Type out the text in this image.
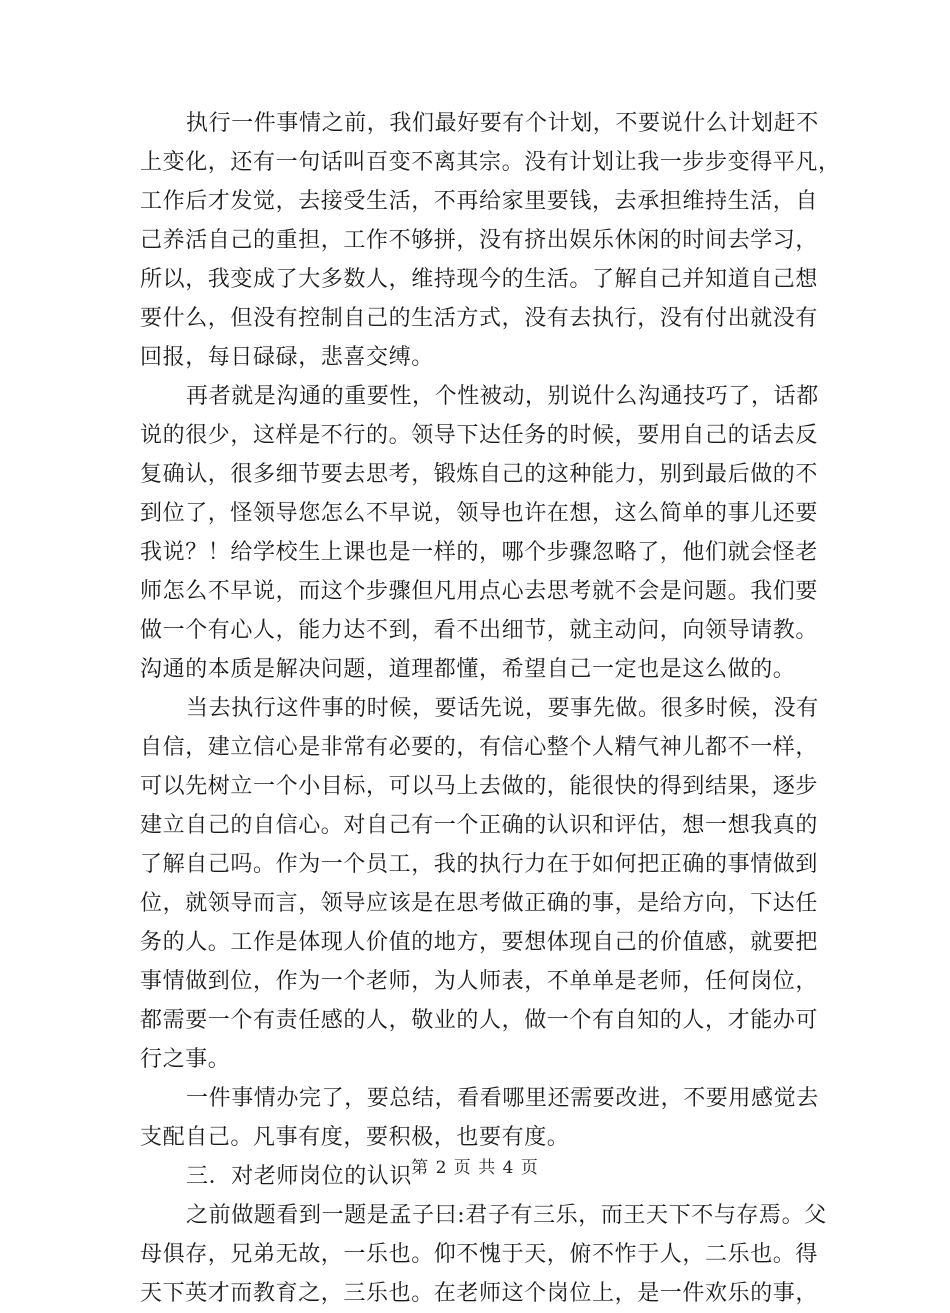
执行一件事情之前，我们最好要有个计划，不要说什么计划赶不
上变化，还有一句话叫百变不离其宗。没有计划让我一步步变得平凡，
工作后才发觉，去接受生活，不再给家里要钱，去承担维持生活，自
己养活自己的重担，工作不够拼，没有挤出娱乐休闲的时间去学习，
所以，我变成了大多数人，维持现今的生活。了解自己并知道自己想
要什么，但没有控制自己的生活方式，没有去执行，没有付出就没有
回报，每日碌碌，悲喜交缚。
再者就是沟通的重要性，个性被动，别说什么沟通技巧了，话都
说的很少，这样是不行的。领导下达任务的时候，要用自己的话去反
复确认，很多细节要去思考，锻炼自己的这种能力，别到最后做的不
到位了，怪领导您怎么不早说，领导也许在想，这么简单的事儿还要
我说？！给学校生上课也是一样的，哪个步骤忽略了，他们就会怪老
师怎么不早说，而这个步骤但凡用点心去思考就不会是问题。我们要
做一个有心人，能力达不到，看不出细节，就主动问，向领导请教。
沟通的本质是解决问题，道理都懂，希望自己一定也是这么做的。
当去执行这件事的时候，要话先说，要事先做。很多时候，没有
自信，建立信心是非常有必要的，有信心整个人精气神儿都不一样，
可以先树立一个小目标，可以马上去做的，能很快的得到结果，逐步
建立自己的自信心。对自己有一个正确的认识和评估，想一想我真的
了解自己吗。作为一个员工，我的执行力在于如何把正确的事情做到
位，就领导而言，领导应该是在思考做正确的事，是给方向，下达任
务的人。工作是体现人价值的地方，要想体现自己的价值感，就要把
事情做到位，作为一个老师，为人师表，不单单是老师，任何岗位，
都需要一个有责任感的人，敬业的人，做一个有自知的人，才能办可
行之事。
一件事情办完了，要总结，看看哪里还需要改进，不要用感觉去
支配自己。凡事有度，要积极，也要有度。
三．对老师岗位的认识
之前做题看到一题是孟子曰:君子有三乐，而王天下不与存焉。父
母俱存，兄弟无故，一乐也。仰不愧于天，俯不怍于人，二乐也。得
天下英才而教育之，三乐也。在老师这个岗位上，是一件欢乐的事，
第 2 页 共 4 页
